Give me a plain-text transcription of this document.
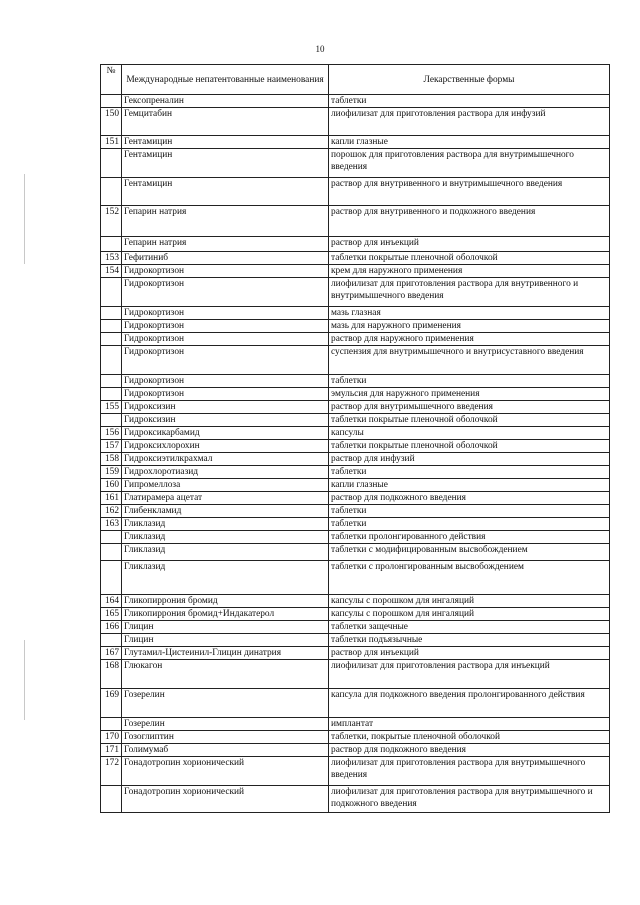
10
№	Международные непатентованные наименования	Лекарственные формы
	Гексопреналин	таблетки
150	Гемцитабин	лиофилизат для приготовления раствора для инфузий
151	Гентамицин	капли глазные
	Гентамицин	порошок для приготовления раствора для внутримышечного введения
	Гентамицин	раствор для внутривенного и внутримышечного введения
152	Гепарин натрия	раствор для внутривенного и подкожного введения
	Гепарин натрия	раствор для инъекций
153	Гефитиниб	таблетки покрытые пленочной оболочкой
154	Гидрокортизон	крем для наружного применения
	Гидрокортизон	лиофилизат для приготовления раствора для внутривенного и внутримышечного введения
	Гидрокортизон	мазь глазная
	Гидрокортизон	мазь для наружного применения
	Гидрокортизон	раствор для наружного применения
	Гидрокортизон	суспензия для внутримышечного и внутрисуставного введения
	Гидрокортизон	таблетки
	Гидрокортизон	эмульсия для наружного применения
155	Гидроксизин	раствор для внутримышечного введения
	Гидроксизин	таблетки покрытые пленочной оболочкой
156	Гидроксикарбамид	капсулы
157	Гидроксихлорохин	таблетки покрытые пленочной оболочкой
158	Гидроксиэтилкрахмал	раствор для инфузий
159	Гидрохлоротиазид	таблетки
160	Гипромеллоза	капли глазные
161	Глатирамера ацетат	раствор для подкожного введения
162	Глибенкламид	таблетки
163	Гликлазид	таблетки
	Гликлазид	таблетки пролонгированного действия
	Гликлазид	таблетки с модифицированным высвобождением
	Гликлазид	таблетки с пролонгированным высвобождением
164	Гликопиррония бромид	капсулы с порошком для ингаляций
165	Гликопиррония бромид+Индакатерол	капсулы с порошком для ингаляций
166	Глицин	таблетки защечные
	Глицин	таблетки подъязычные
167	Глутамил-Цистеинил-Глицин динатрия	раствор для инъекций
168	Глюкагон	лиофилизат для приготовления раствора для инъекций
169	Гозерелин	капсула для подкожного введения пролонгированного действия
	Гозерелин	имплантат
170	Гозоглиптин	таблетки, покрытые пленочной оболочкой
171	Голимумаб	раствор для подкожного введения
172	Гонадотропин хорионический	лиофилизат для приготовления раствора для внутримышечного введения
	Гонадотропин хорионический	лиофилизат для приготовления раствора для внутримышечного и подкожного введения
